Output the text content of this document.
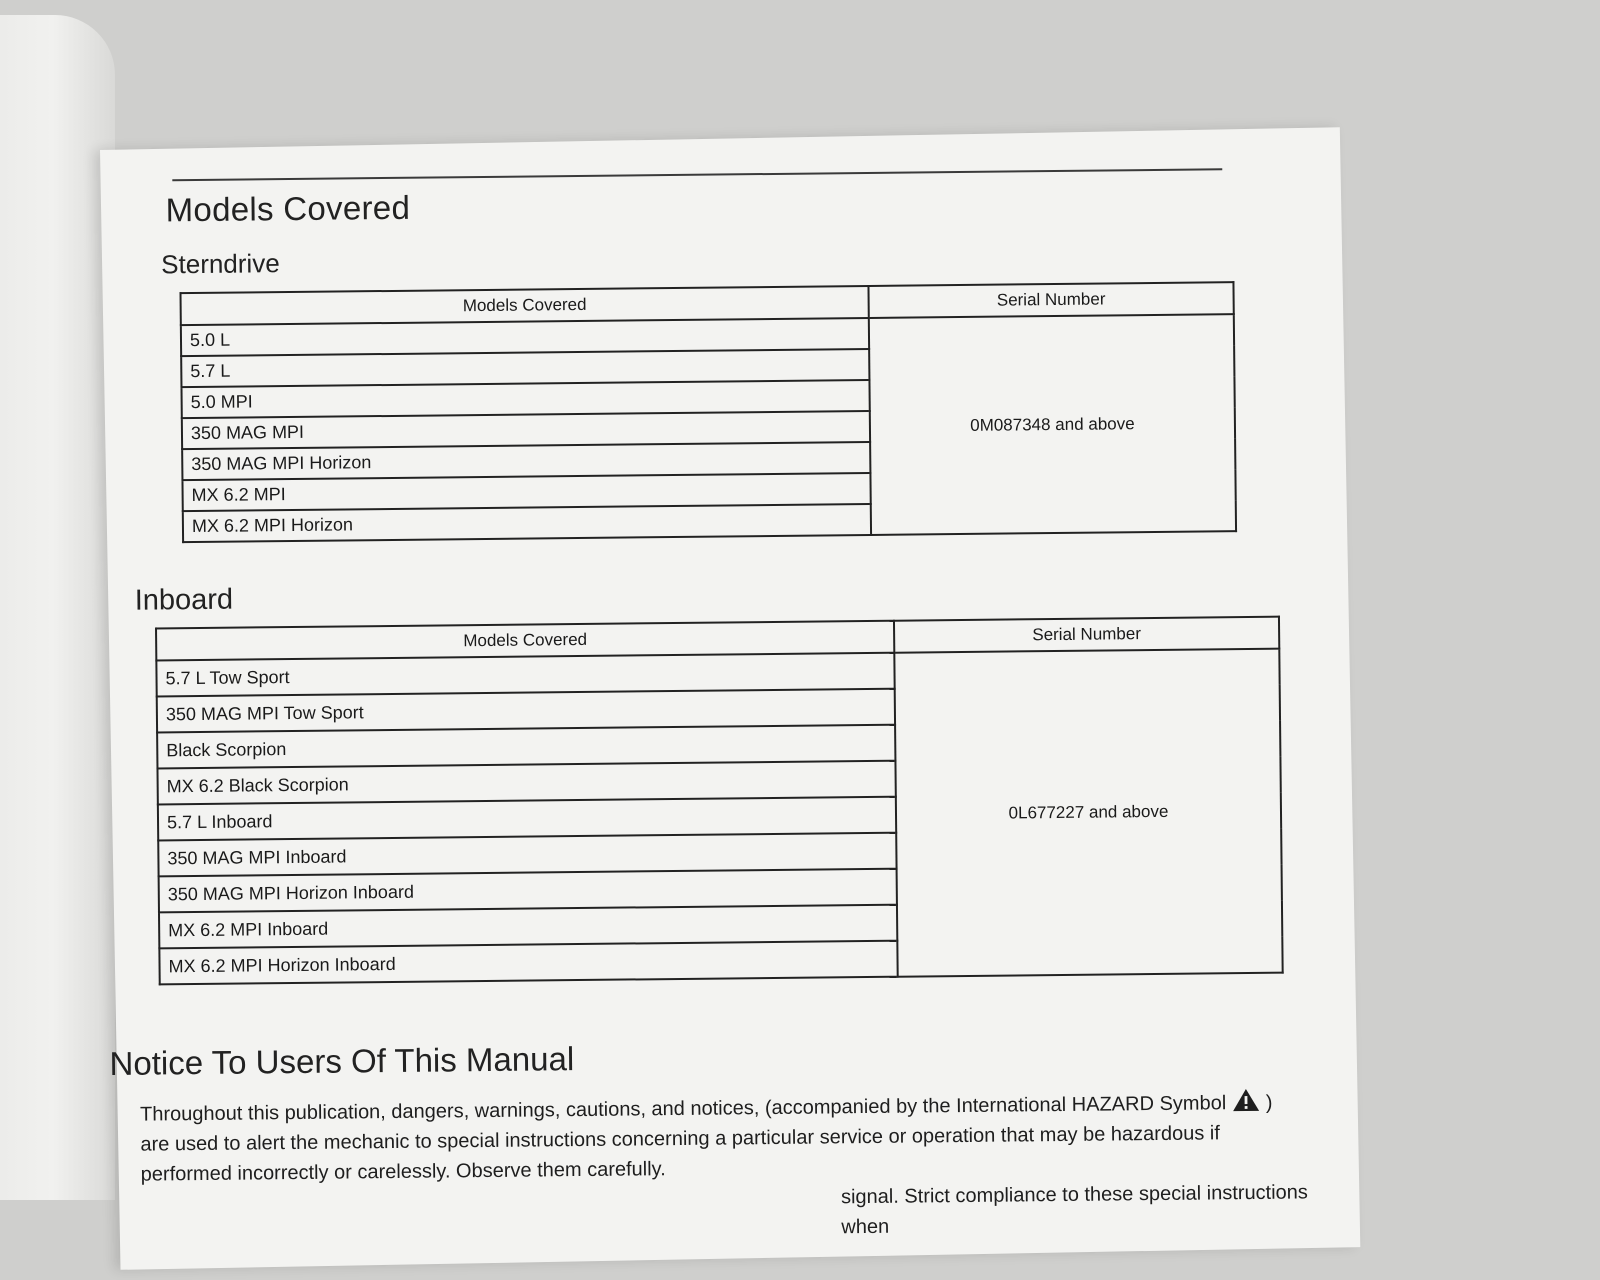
Models Covered
Sterndrive
Models Covered	Serial Number
5.0 L	0M087348 and above
5.7 L	
5.0 MPI	
350 MAG MPI	
350 MAG MPI Horizon	
MX 6.2 MPI	
MX 6.2 MPI Horizon	
Inboard
Models Covered	Serial Number
5.7 L Tow Sport	0L677227 and above
350 MAG MPI Tow Sport	
Black Scorpion	
MX 6.2 Black Scorpion	
5.7 L Inboard	
350 MAG MPI Inboard	
350 MAG MPI Horizon Inboard	
MX 6.2 MPI Inboard	
MX 6.2 MPI Horizon Inboard	
Notice To Users Of This Manual
Throughout this publication, dangers, warnings, cautions, and notices, (accompanied by the International HAZARD Symbol )
are used to alert the mechanic to special instructions concerning a particular service or operation that may be hazardous if
performed incorrectly or carelessly. Observe them carefully.
signal. Strict compliance to these special instructions when
